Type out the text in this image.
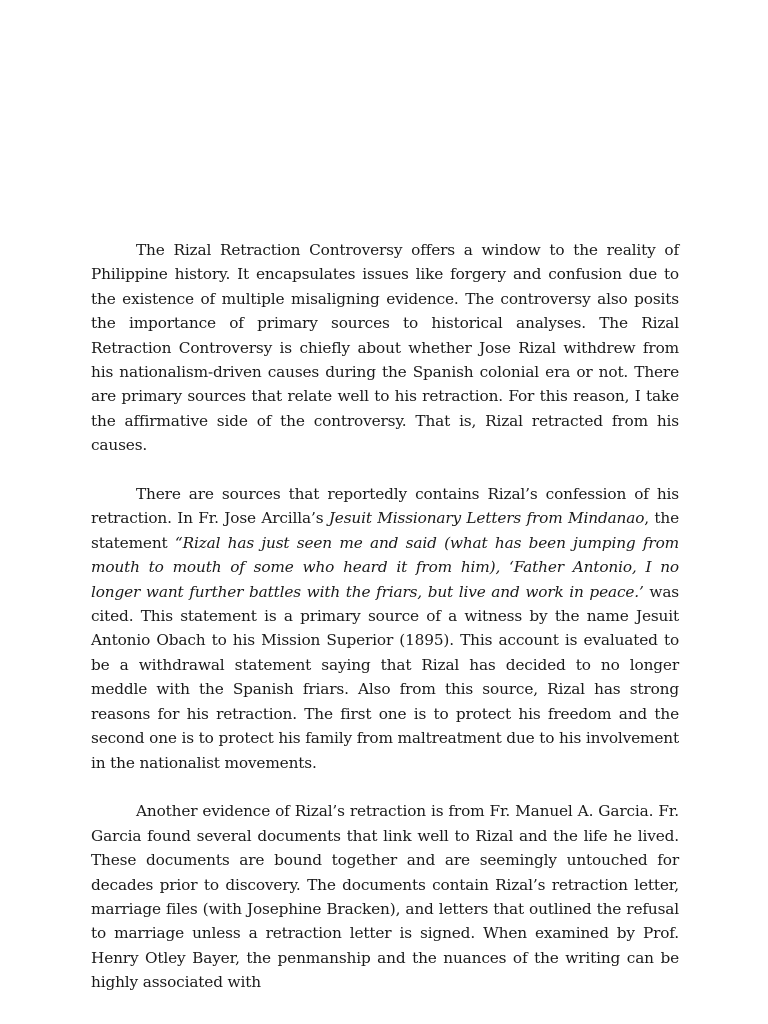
The Rizal Retraction Controversy offers a window to the reality of Philippine history. It encapsulates issues like forgery and confusion due to the existence of multiple misaligning evidence. The controversy also posits the importance of primary sources to historical analyses. The Rizal Retraction Controversy is chiefly about whether Jose Rizal withdrew from his nationalism-driven causes during the Spanish colonial era or not. There are primary sources that relate well to his retraction. For this reason, I take the affirmative side of the controversy. That is, Rizal retracted from his causes.

There are sources that reportedly contains Rizal’s confession of his retraction. In Fr. Jose Arcilla’s Jesuit Missionary Letters from Mindanao, the statement “Rizal has just seen me and said (what has been jumping from mouth to mouth of some who heard it from him), ‘Father Antonio, I no longer want further battles with the friars, but live and work in peace.’ was cited. This statement is a primary source of a witness by the name Jesuit Antonio Obach to his Mission Superior (1895). This account is evaluated to be a withdrawal statement saying that Rizal has decided to no longer meddle with the Spanish friars. Also from this source, Rizal has strong reasons for his retraction. The first one is to protect his freedom and the second one is to protect his family from maltreatment due to his involvement in the nationalist movements.

Another evidence of Rizal’s retraction is from Fr. Manuel A. Garcia. Fr. Garcia found several documents that link well to Rizal and the life he lived. These documents are bound together and are seemingly untouched for decades prior to discovery. The documents contain Rizal’s retraction letter, marriage files (with Josephine Bracken), and letters that outlined the refusal to marriage unless a retraction letter is signed. When examined by Prof. Henry Otley Bayer, the penmanship and the nuances of the writing can be highly associated with
